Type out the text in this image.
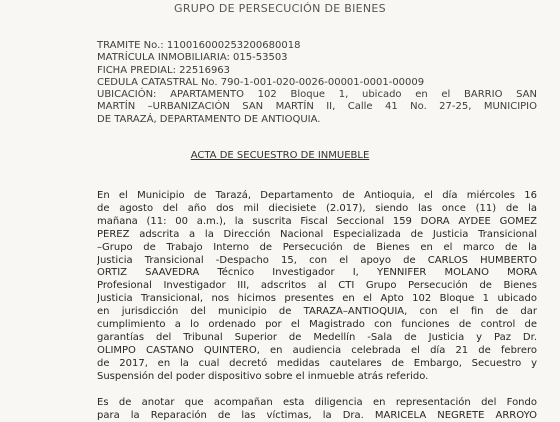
GRUPO DE PERSECUCIÓN DE BIENES
TRAMITE No.: 110016000253200680018
MATRÍCULA INMOBILIARIA: 015-53503
FICHA PREDIAL: 22516963
CEDULA CATASTRAL No. 790-1-001-020-0026-00001-0001-00009
UBICACIÓN: APARTAMENTO 102 Bloque 1, ubicado en el BARRIO SAN
MARTÍN –URBANIZACIÓN SAN MARTÍN II, Calle 41 No. 27-25, MUNICIPIO
DE TARAZÁ, DEPARTAMENTO DE ANTIOQUIA.
ACTA DE SECUESTRO DE INMUEBLE
En el Municipio de Tarazá, Departamento de Antioquia, el día miércoles 16
de agosto del año dos mil diecisiete (2.017), siendo las once (11) de la
mañana (11: 00 a.m.), la suscrita Fiscal Seccional 159 DORA AYDEE GOMEZ
PÉREZ adscrita a la Dirección Nacional Especializada de Justicia Transicional
–Grupo de Trabajo Interno de Persecución de Bienes en el marco de la
Justicia Transicional -Despacho 15, con el apoyo de CARLOS HUMBERTO
ORTIZ SAAVEDRA Técnico Investigador I, YENNIFER MOLANO MORA
Profesional Investigador III, adscritos al CTI Grupo Persecución de Bienes
Justicia Transicional, nos hicimos presentes en el Apto 102 Bloque 1 ubicado
en jurisdicción del municipio de TARAZÁ–ANTIOQUIA, con el fin de dar
cumplimiento a lo ordenado por el Magistrado con funciones de control de
garantías del Tribunal Superior de Medellín -Sala de Justicia y Paz Dr.
OLIMPO CASTAÑO QUINTERO, en audiencia celebrada el día 21 de febrero
de 2017, en la cual decretó medidas cautelares de Embargo, Secuestro y
Suspensión del poder dispositivo sobre el inmueble atrás referido.
Es de anotar que acompañan esta diligencia en representación del Fondo
para la Reparación de las víctimas, la Dra. MARICELA NEGRETE ARROYO
